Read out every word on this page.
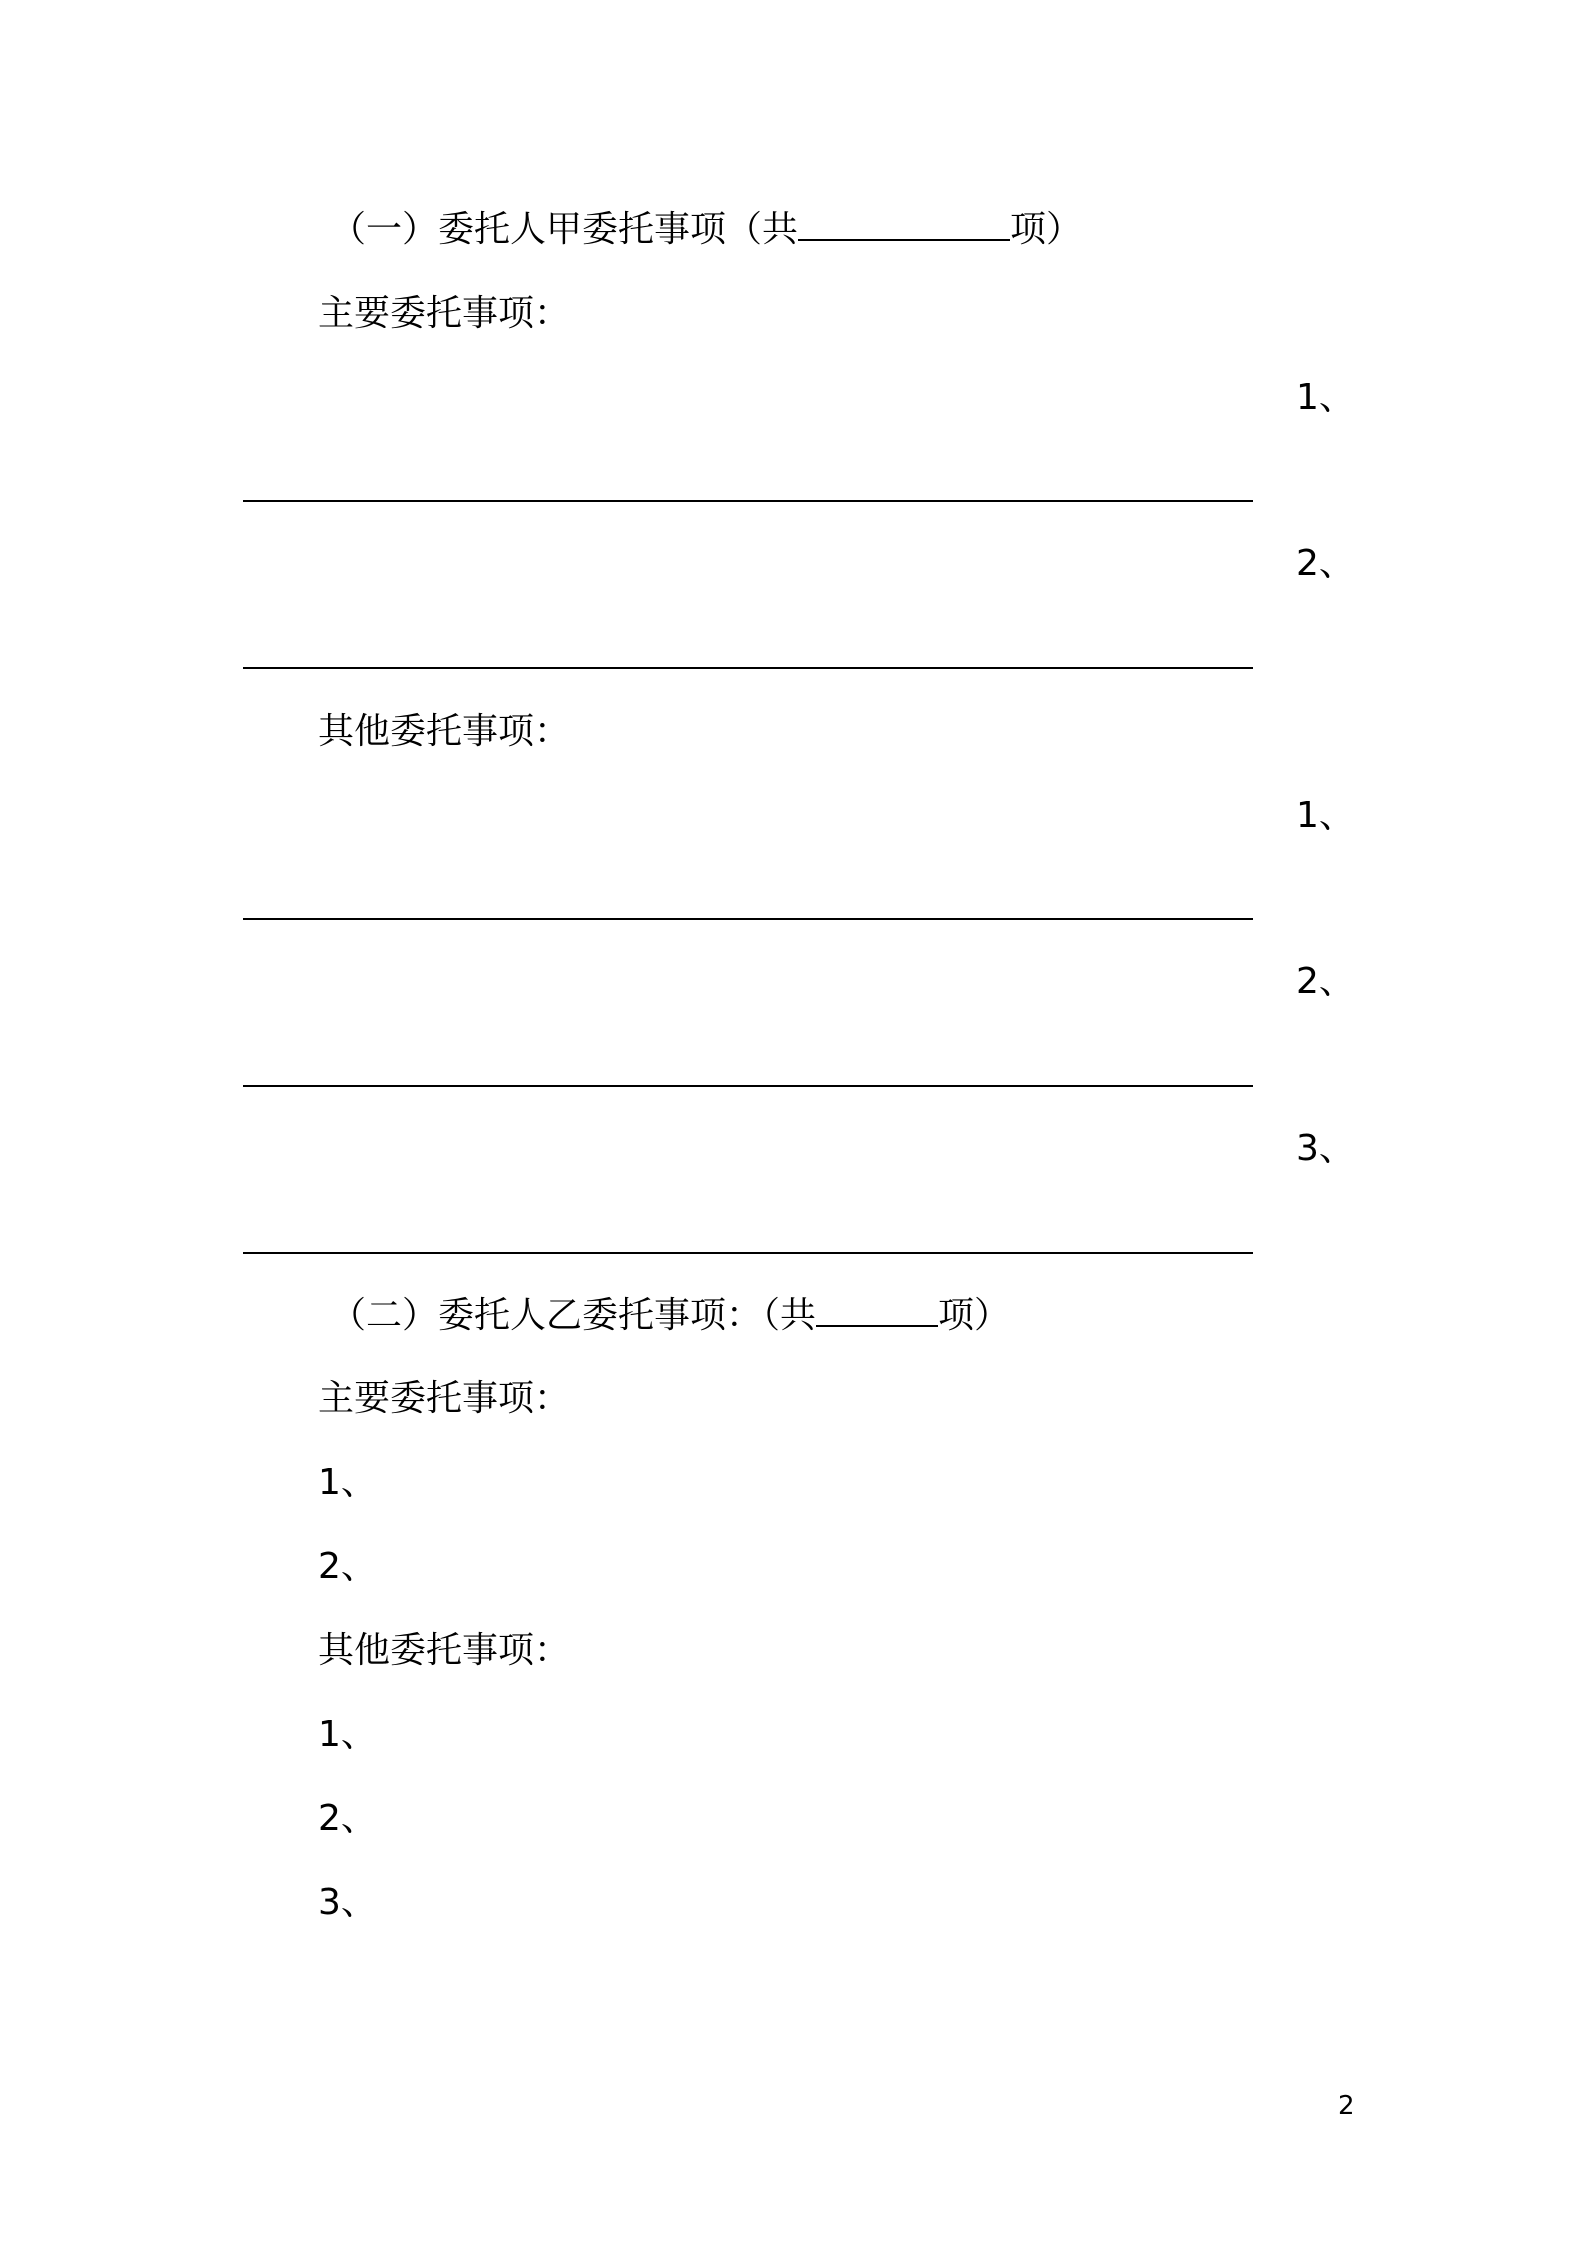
（一）委托人甲委托事项（共	项）
主要委托事项：
1、
2、
其他委托事项：
1、
2、
3、
（二）委托人乙委托事项：（共	项）
主要委托事项：
1、
2、
其他委托事项：
1、
2、
3、
2
